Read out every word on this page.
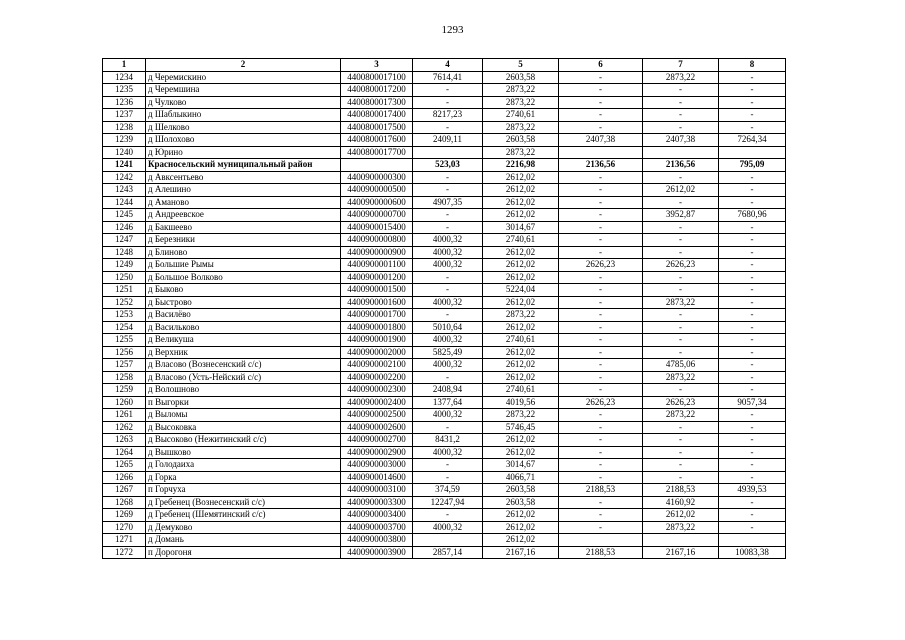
1293
1	2	3	4	5	6	7	8
1234	д Черемискино	4400800017100	7614,41	2603,58	-	2873,22	-
1235	д Черемшина	4400800017200	-	2873,22	-	-	-
1236	д Чулково	4400800017300	-	2873,22	-	-	-
1237	д Шаблыкино	4400800017400	8217,23	2740,61	-	-	-
1238	д Шелково	4400800017500	-	2873,22	-	-	-
1239	д Шолохово	4400800017600	2409,11	2603,58	2407,38	2407,38	7264,34
1240	д Юрино	4400800017700		2873,22			
1241	Красносельский муниципальный район		523,03	2216,98	2136,56	2136,56	795,09
1242	д Авксентьево	4400900000300	-	2612,02	-	-	-
1243	д Алешино	4400900000500	-	2612,02	-	2612,02	-
1244	д Аманово	4400900000600	4907,35	2612,02	-	-	-
1245	д Андреевское	4400900000700	-	2612,02	-	3952,87	7680,96
1246	д Бакшеево	4400900015400	-	3014,67	-	-	-
1247	д Березники	4400900000800	4000,32	2740,61	-	-	-
1248	д Блиново	4400900000900	4000,32	2612,02	-	-	-
1249	д Большие Рымы	4400900001100	4000,32	2612,02	2626,23	2626,23	-
1250	д Большое Волково	4400900001200	-	2612,02	-	-	-
1251	д Быково	4400900001500	-	5224,04	-	-	-
1252	д Быстрово	4400900001600	4000,32	2612,02	-	2873,22	-
1253	д Василёво	4400900001700	-	2873,22	-	-	-
1254	д Васильково	4400900001800	5010,64	2612,02	-	-	-
1255	д Великуша	4400900001900	4000,32	2740,61	-	-	-
1256	д Верхник	4400900002000	5825,49	2612,02	-	-	-
1257	д Власово (Вознесенский с/с)	4400900002100	4000,32	2612,02	-	4785,06	-
1258	д Власово (Усть-Нейский с/с)	4400900002200	-	2612,02	-	2873,22	-
1259	д Волошново	4400900002300	2408,94	2740,61	-	-	-
1260	п Выгорки	4400900002400	1377,64	4019,56	2626,23	2626,23	9057,34
1261	д Выломы	4400900002500	4000,32	2873,22	-	2873,22	-
1262	д Высоковка	4400900002600	-	5746,45	-	-	-
1263	д Высоково (Нежитинский с/с)	4400900002700	8431,2	2612,02	-	-	-
1264	д Вышково	4400900002900	4000,32	2612,02	-	-	-
1265	д Голодаиха	4400900003000	-	3014,67	-	-	-
1266	д Горка	4400900014600	-	4066,71	-	-	-
1267	п Горчуха	4400900003100	374,59	2603,58	2188,53	2188,53	4939,53
1268	д Гребенец (Вознесенский с/с)	4400900003300	12247,94	2603,58	-	4160,92	-
1269	д Гребенец (Шемятинский с/с)	4400900003400	-	2612,02	-	2612,02	-
1270	д Демуково	4400900003700	4000,32	2612,02	-	2873,22	-
1271	д Домань	4400900003800		2612,02			
1272	п Дорогоня	4400900003900	2857,14	2167,16	2188,53	2167,16	10083,38
